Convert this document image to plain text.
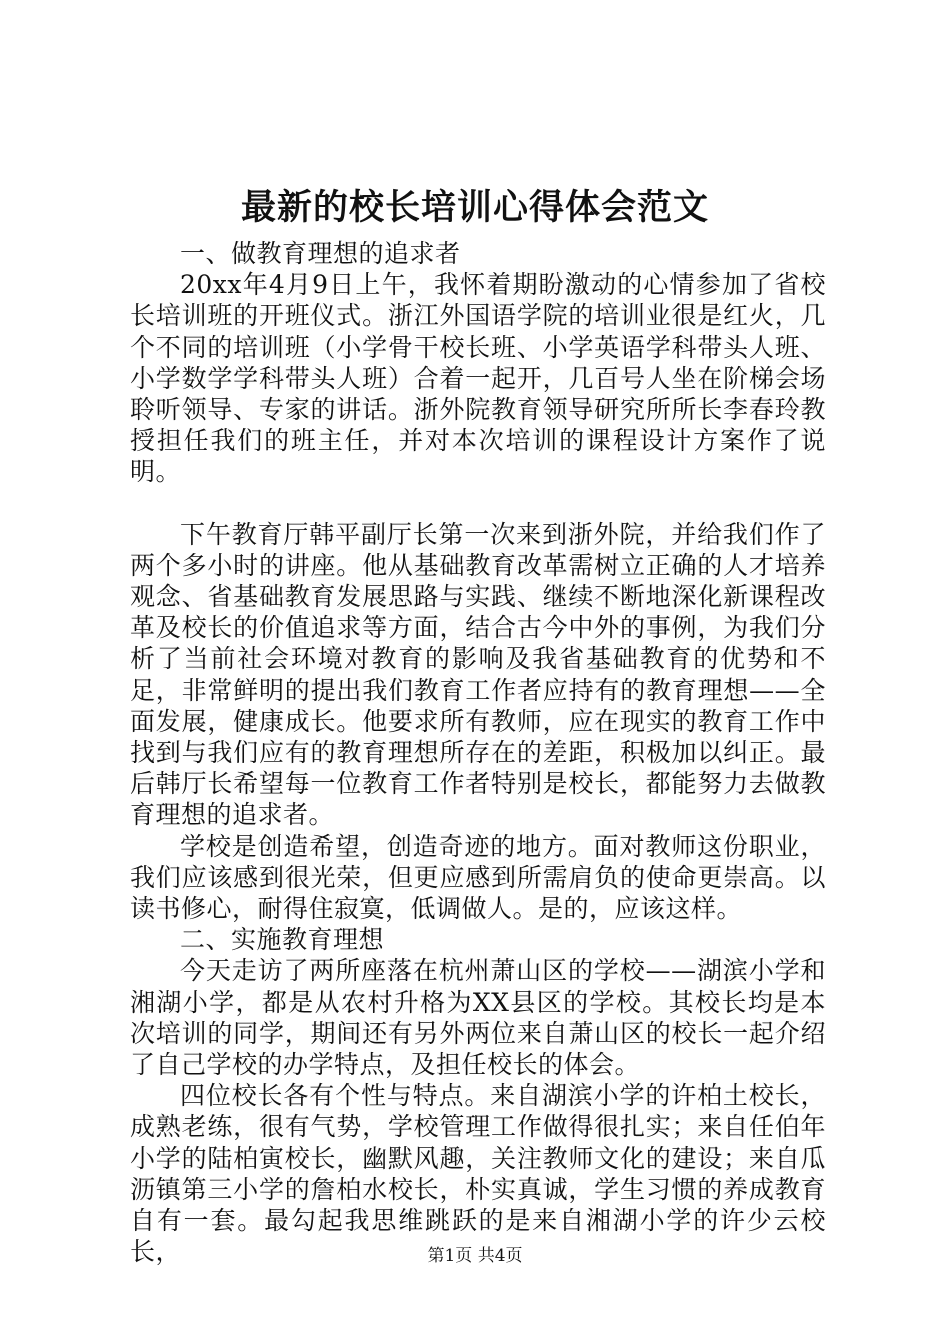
最新的校长培训心得体会范文

一、做教育理想的追求者

20xx年4月9日上午，我怀着期盼激动的心情参加了省校长培训班的开班仪式。浙江外国语学院的培训业很是红火，几个不同的培训班（小学骨干校长班、小学英语学科带头人班、小学数学学科带头人班）合着一起开，几百号人坐在阶梯会场聆听领导、专家的讲话。浙外院教育领导研究所所长李春玲教授担任我们的班主任，并对本次培训的课程设计方案作了说明。

下午教育厅韩平副厅长第一次来到浙外院，并给我们作了两个多小时的讲座。他从基础教育改革需树立正确的人才培养观念、省基础教育发展思路与实践、继续不断地深化新课程改革及校长的价值追求等方面，结合古今中外的事例，为我们分析了当前社会环境对教育的影响及我省基础教育的优势和不足，非常鲜明的提出我们教育工作者应持有的教育理想——全面发展，健康成长。他要求所有教师，应在现实的教育工作中找到与我们应有的教育理想所存在的差距，积极加以纠正。最后韩厅长希望每一位教育工作者特别是校长，都能努力去做教育理想的追求者。

学校是创造希望，创造奇迹的地方。面对教师这份职业，我们应该感到很光荣，但更应感到所需肩负的使命更崇高。以读书修心，耐得住寂寞，低调做人。是的，应该这样。

二、实施教育理想

今天走访了两所座落在杭州萧山区的学校——湖滨小学和湘湖小学，都是从农村升格为XX县区的学校。其校长均是本次培训的同学，期间还有另外两位来自萧山区的校长一起介绍了自己学校的办学特点，及担任校长的体会。

四位校长各有个性与特点。来自湖滨小学的许柏土校长，成熟老练，很有气势，学校管理工作做得很扎实；来自任伯年小学的陆柏寅校长，幽默风趣，关注教师文化的建设；来自瓜沥镇第三小学的詹柏水校长，朴实真诚，学生习惯的养成教育自有一套。最勾起我思维跳跃的是来自湘湖小学的许少云校长，	第1页 共4页
